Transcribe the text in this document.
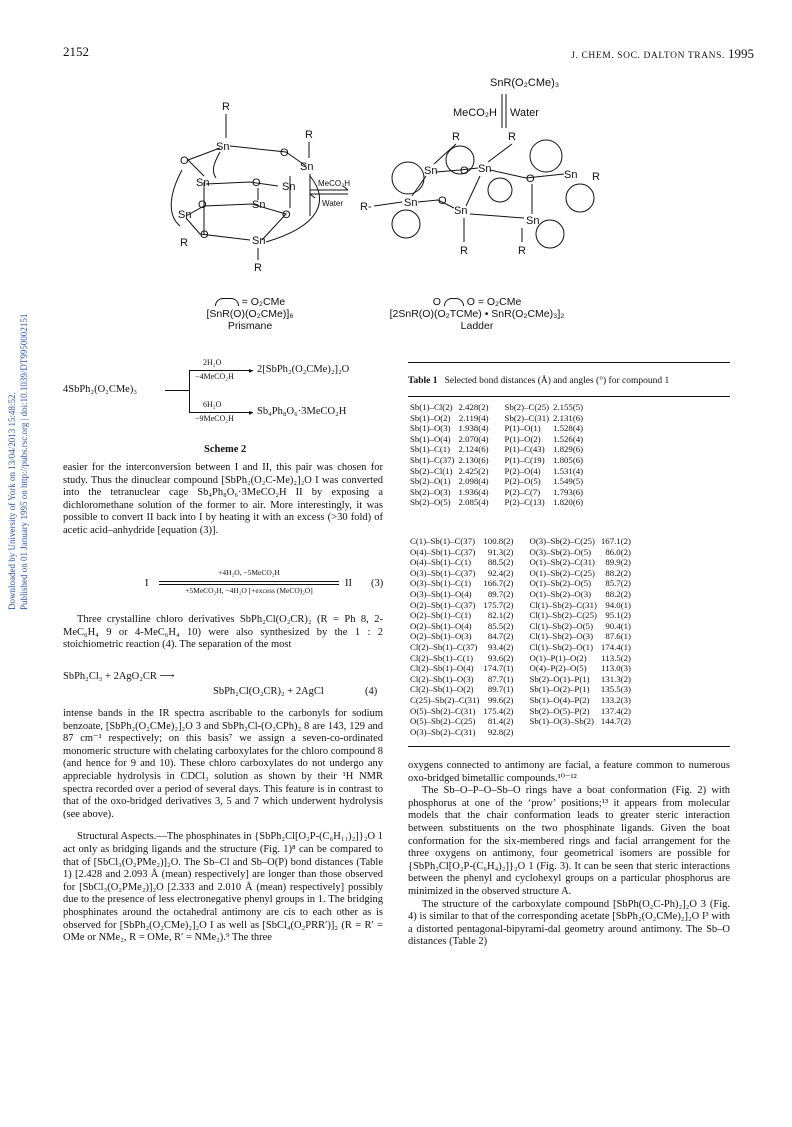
2152	J. CHEM. SOC. DALTON TRANS. 1995
Downloaded by University of York on 13/04/2013 15:48:52. Published on 01 January 1995 on http://pubs.rsc.org | doi:10.1039/DT9950002151
SnR(O₂CMe)₃
MeCO₂H Water
R
Sn
R
Sn
O
O
Sn	O Sn
O	Sn
Sn	O
O	Sn
R
R
MeCO₂H
Water R-	Sn O
Sn
Sn O Sn
O	Sn R
Sn
R	R
R	R
= O₂CMe
[SnR(O)(O₂CMe)]₆
Prismane
O O = O₂CMe
[2SnR(O)(O₂TCMe) • SnR(O₂CMe)₃]₂
Ladder
4SbPh₂(O₂CMe)₃
▸
▸
2H₂O
−4MeCO₂H
2[SbPh₂(O₂CMe)₂]₂O
6H₂O
−9MeCO₂H
Sb₄Ph₈O₆·3MeCO₂H
Scheme 2

easier for the interconversion between I and II, this pair was chosen for study. Thus the dinuclear compound [SbPh₂(O₂C-Me)₂]₂O I was converted into the tetranuclear cage Sb₄Ph₈O₆·3MeCO₂H II by exposing a dichloromethane solution of the former to air. More interestingly, it was possible to convert II back into I by heating it with an excess (>30 fold) of acetic acid–anhydride [equation (3)].

I
+4H₂O, −5MeCO₂H
+5MeCO₂H, −4H₂O [+excess (MeCO)₂O]
II (3)

Three crystalline chloro derivatives SbPh₂Cl(O₂CR)₂ (R = Ph 8, 2-MeC₆H₄ 9 or 4-MeC₆H₄ 10) were also synthesized by the 1 : 2 stoichiometric reaction (4). The separation of the most

SbPh₂Cl₃ + 2AgO₂CR ⟶
SbPh₂Cl(O₂CR)₂ + 2AgCl	(4)

intense bands in the IR spectra ascribable to the carbonyls for sodium benzoate, [SbPh₂(O₂CMe)₂]₂O 3 and SbPh₂Cl-(O₂CPh)₂ 8 are 143, 129 and 87 cm⁻¹ respectively; on this basis⁷ we assign a seven-co-ordinated monomeric structure with chelating carboxylates for the chloro compound 8 (and hence for 9 and 10). These chloro carboxylates do not undergo any appreciable hydrolysis in CDCl₃ solution as shown by their ¹H NMR spectra recorded over a period of several days. This feature is in contrast to that of the oxo-bridged derivatives 3, 5 and 7 which underwent hydrolysis (see above).

Structural Aspects.—The phosphinates in {SbPh₂Cl[O₂P-(C₆H₁₁)₂]}₂O 1 act only as bridging ligands and the structure (Fig. 1)⁸ can be compared to that of [SbCl₃(O₂PMe₂)]₂O. The Sb–Cl and Sb–O(P) bond distances (Table 1) [2.428 and 2.093 Å (mean) respectively] are longer than those observed for [SbCl₃(O₂PMe₂)]₂O [2.333 and 2.010 Å (mean) respectively] possibly due to the presence of less electronegative phenyl groups in 1. The bridging phosphinates around the octahedral antimony are cis to each other as is observed for [SbPh₂(O₂CMe)₂]₂O I as well as [SbCl₄(O₂PRR′)]₂ (R = R′ = OMe or NMe₂, R = OMe, R′ = NMe₂).⁹ The three

Table 1 Selected bond distances (Å) and angles (°) for compound 1
Sb(1)–Cl(2)	2.428(2)	Sb(2)–C(25)	2.155(5)
Sb(1)–O(2)	2.119(4)	Sb(2)–C(31)	2.131(6)
Sb(1)–O(3)	1.938(4)	P(1)–O(1)	1.528(4)
Sb(1)–O(4)	2.070(4)	P(1)–O(2)	1.526(4)
Sb(1)–C(1)	2.124(6)	P(1)–C(43)	1.829(6)
Sb(1)–C(37)	2.130(6)	P(1)–C(19)	1.805(6)
Sb(2)–Cl(1)	2.425(2)	P(2)–O(4)	1.531(4)
Sb(2)–O(1)	2.098(4)	P(2)–O(5)	1.549(5)
Sb(2)–O(3)	1.936(4)	P(2)–C(7)	1.793(6)
Sb(2)–O(5)	2.085(4)	P(2)–C(13)	1.820(6)
C(1)–Sb(1)–C(37)	100.8(2)	O(3)–Sb(2)–C(25)	167.1(2)
O(4)–Sb(1)–C(37)	91.3(2)	O(3)–Sb(2)–O(5)	86.0(2)
O(4)–Sb(1)–C(1)	88.5(2)	O(1)–Sb(2)–C(31)	89.9(2)
O(3)–Sb(1)–C(37)	92.4(2)	O(1)–Sb(2)–C(25)	88.2(2)
O(3)–Sb(1)–C(1)	166.7(2)	O(1)–Sb(2)–O(5)	85.7(2)
O(3)–Sb(1)–O(4)	89.7(2)	O(1)–Sb(2)–O(3)	88.2(2)
O(2)–Sb(1)–C(37)	175.7(2)	Cl(1)–Sb(2)–C(31)	94.0(1)
O(2)–Sb(1)–C(1)	82.1(2)	Cl(1)–Sb(2)–C(25)	95.1(2)
O(2)–Sb(1)–O(4)	85.5(2)	Cl(1)–Sb(2)–O(5)	90.4(1)
O(2)–Sb(1)–O(3)	84.7(2)	Cl(1)–Sb(2)–O(3)	87.6(1)
Cl(2)–Sb(1)–C(37)	93.4(2)	Cl(1)–Sb(2)–O(1)	174.4(1)
Cl(2)–Sb(1)–C(1)	93.6(2)	O(1)–P(1)–O(2)	113.5(2)
Cl(2)–Sb(1)–O(4)	174.7(1)	O(4)–P(2)–O(5)	113.0(3)
Cl(2)–Sb(1)–O(3)	87.7(1)	Sb(2)–O(1)–P(1)	131.3(2)
Cl(2)–Sb(1)–O(2)	89.7(1)	Sb(1)–O(2)–P(1)	135.5(3)
C(25)–Sb(2)–C(31)	99.6(2)	Sb(1)–O(4)–P(2)	133.2(3)
O(5)–Sb(2)–C(31)	175.4(2)	Sb(2)–O(5)–P(2)	137.4(2)
O(5)–Sb(2)–C(25)	81.4(2)	Sb(1)–O(3)–Sb(2)	144.7(2)
O(3)–Sb(2)–C(31)	92.8(2)		

oxygens connected to antimony are facial, a feature common to numerous oxo-bridged bimetallic compounds.¹⁰⁻¹²

The Sb–O–P–O–Sb–O rings have a boat conformation (Fig. 2) with phosphorus at one of the ‘prow’ positions;¹³ it appears from molecular models that the chair conformation leads to greater steric interaction between substituents on the two phosphinate ligands. Given the boat conformation for the six-membered rings and facial arrangement for the three oxygens on antimony, four geometrical isomers are possible for {SbPh₂Cl[O₂P-(C₆H₄)₂]}₂O 1 (Fig. 3). It can be seen that steric interactions between the phenyl and cyclohexyl groups on a particular phosphorus are minimized in the observed structure A.

The structure of the carboxylate compound [SbPh(O₂C-Ph)₂]₂O 3 (Fig. 4) is similar to that of the corresponding acetate [SbPh₂(O₂CMe)₂]₂O I³ with a distorted pentagonal-bipyrami-dal geometry around antimony. The Sb–O distances (Table 2)
